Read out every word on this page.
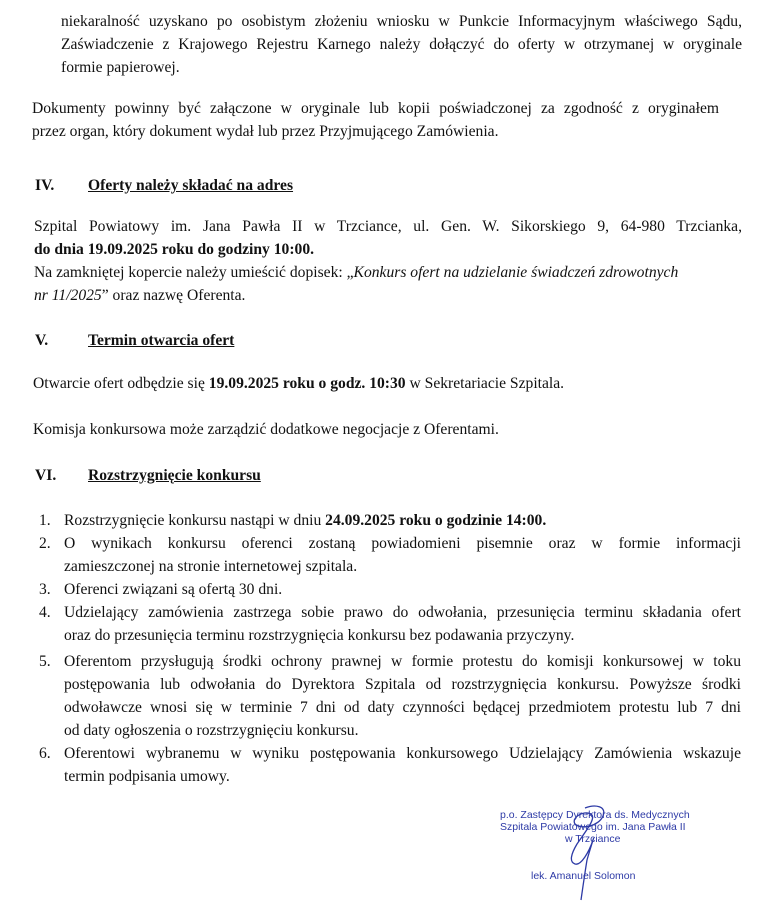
niekaralność uzyskano po osobistym złożeniu wniosku w Punkcie Informacyjnym właściwego Sądu,
Zaświadczenie z Krajowego Rejestru Karnego należy dołączyć do oferty w otrzymanej w oryginale
formie papierowej.
Dokumenty powinny być załączone w oryginale lub kopii poświadczonej za zgodność z oryginałem
przez organ, który dokument wydał lub przez Przyjmującego Zamówienia.
IV. Oferty należy składać na adres
Szpital Powiatowy im. Jana Pawła II w Trzciance, ul. Gen. W. Sikorskiego 9, 64-980 Trzcianka,
do dnia 19.09.2025 roku do godziny 10:00.
Na zamkniętej kopercie należy umieścić dopisek: „Konkurs ofert na udzielanie świadczeń zdrowotnych
nr 11/2025” oraz nazwę Oferenta.
V.	Termin otwarcia ofert
Otwarcie ofert odbędzie się 19.09.2025 roku o godz. 10:30 w Sekretariacie Szpitala.
Komisja konkursowa może zarządzić dodatkowe negocjacje z Oferentami.
VI. Rozstrzygnięcie konkursu
1. Rozstrzygnięcie konkursu nastąpi w dniu 24.09.2025 roku o godzinie 14:00.
2. O wynikach konkursu oferenci zostaną powiadomieni pisemnie oraz w formie informacji
zamieszczonej na stronie internetowej szpitala.
3. Oferenci związani są ofertą 30 dni.
4. Udzielający zamówienia zastrzega sobie prawo do odwołania, przesunięcia terminu składania ofert
oraz do przesunięcia terminu rozstrzygnięcia konkursu bez podawania przyczyny.
5. Oferentom przysługują środki ochrony prawnej w formie protestu do komisji konkursowej w toku
postępowania lub odwołania do Dyrektora Szpitala od rozstrzygnięcia konkursu. Powyższe środki
odwoławcze wnosi się w terminie 7 dni od daty czynności będącej przedmiotem protestu lub 7 dni
od daty ogłoszenia o rozstrzygnięciu konkursu.
6. Oferentowi wybranemu w wyniku postępowania konkursowego Udzielający Zamówienia wskazuje
termin podpisania umowy.
p.o. Zastępcy Dyrektora ds. Medycznych
Szpitala Powiatowego im. Jana Pawła II
w Trzciance
lek. Amanuel Solomon
